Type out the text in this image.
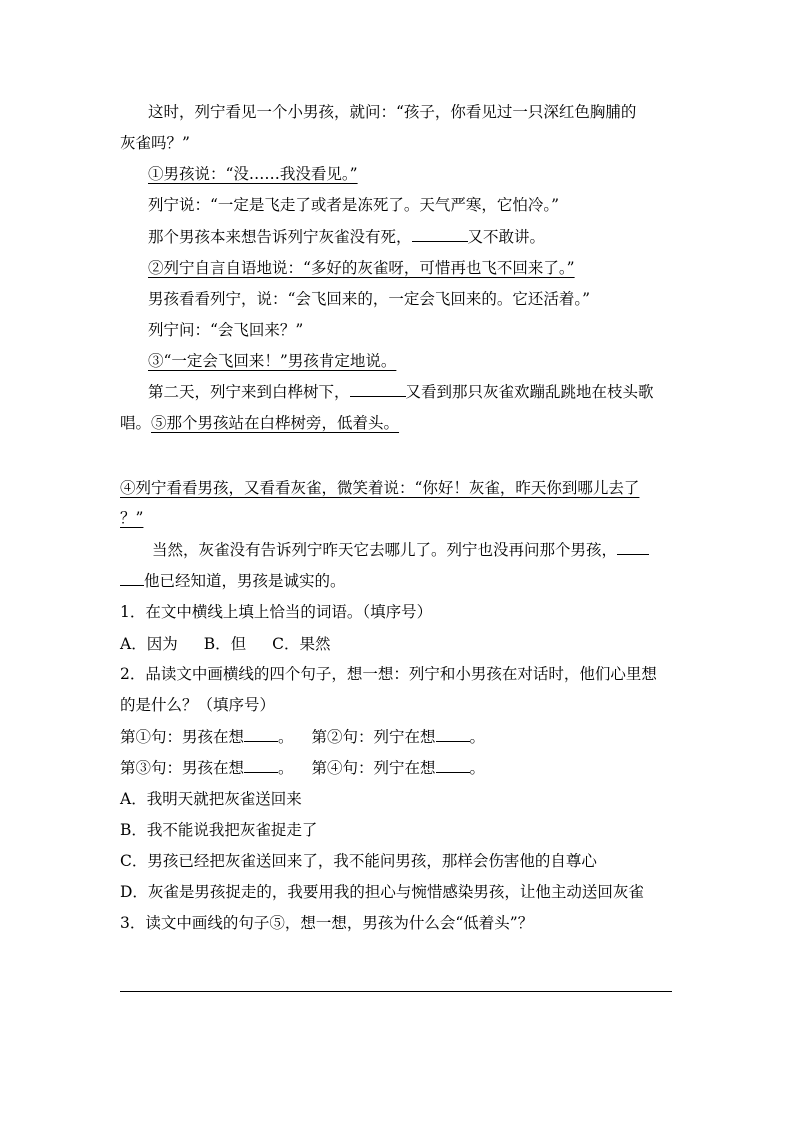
这时，列宁看见一个小男孩，就问：“孩子，你看见过一只深红色胸脯的
灰雀吗？”
①男孩说：“没……我没看见。”
列宁说：“一定是飞走了或者是冻死了。天气严寒，它怕冷。”
那个男孩本来想告诉列宁灰雀没有死，	又不敢讲。
②列宁自言自语地说：“多好的灰雀呀，可惜再也飞不回来了。”
男孩看看列宁，说：“会飞回来的，一定会飞回来的。它还活着。”
列宁问：“会飞回来？”
③“一定会飞回来！”男孩肯定地说。
第二天，列宁来到白桦树下，	又看到那只灰雀欢蹦乱跳地在枝头歌
唱。⑤那个男孩站在白桦树旁，低着头。
④列宁看看男孩，又看看灰雀，微笑着说：“你好！灰雀，昨天你到哪儿去了
？”
当然，灰雀没有告诉列宁昨天它去哪儿了。列宁也没再问那个男孩，
他已经知道，男孩是诚实的。
1．在文中横线上填上恰当的词语。（填序号）
A．因为 B．但 C．果然
2．品读文中画横线的四个句子，想一想：列宁和小男孩在对话时，他们心里想
的是什么？（填序号）
第①句：男孩在想 。 第②句：列宁在想 。
第③句：男孩在想 。 第④句：列宁在想 。
A．我明天就把灰雀送回来
B．我不能说我把灰雀捉走了
C．男孩已经把灰雀送回来了，我不能问男孩，那样会伤害他的自尊心
D．灰雀是男孩捉走的，我要用我的担心与惋惜感染男孩，让他主动送回灰雀
3．读文中画线的句子⑤，想一想，男孩为什么会“低着头”？
